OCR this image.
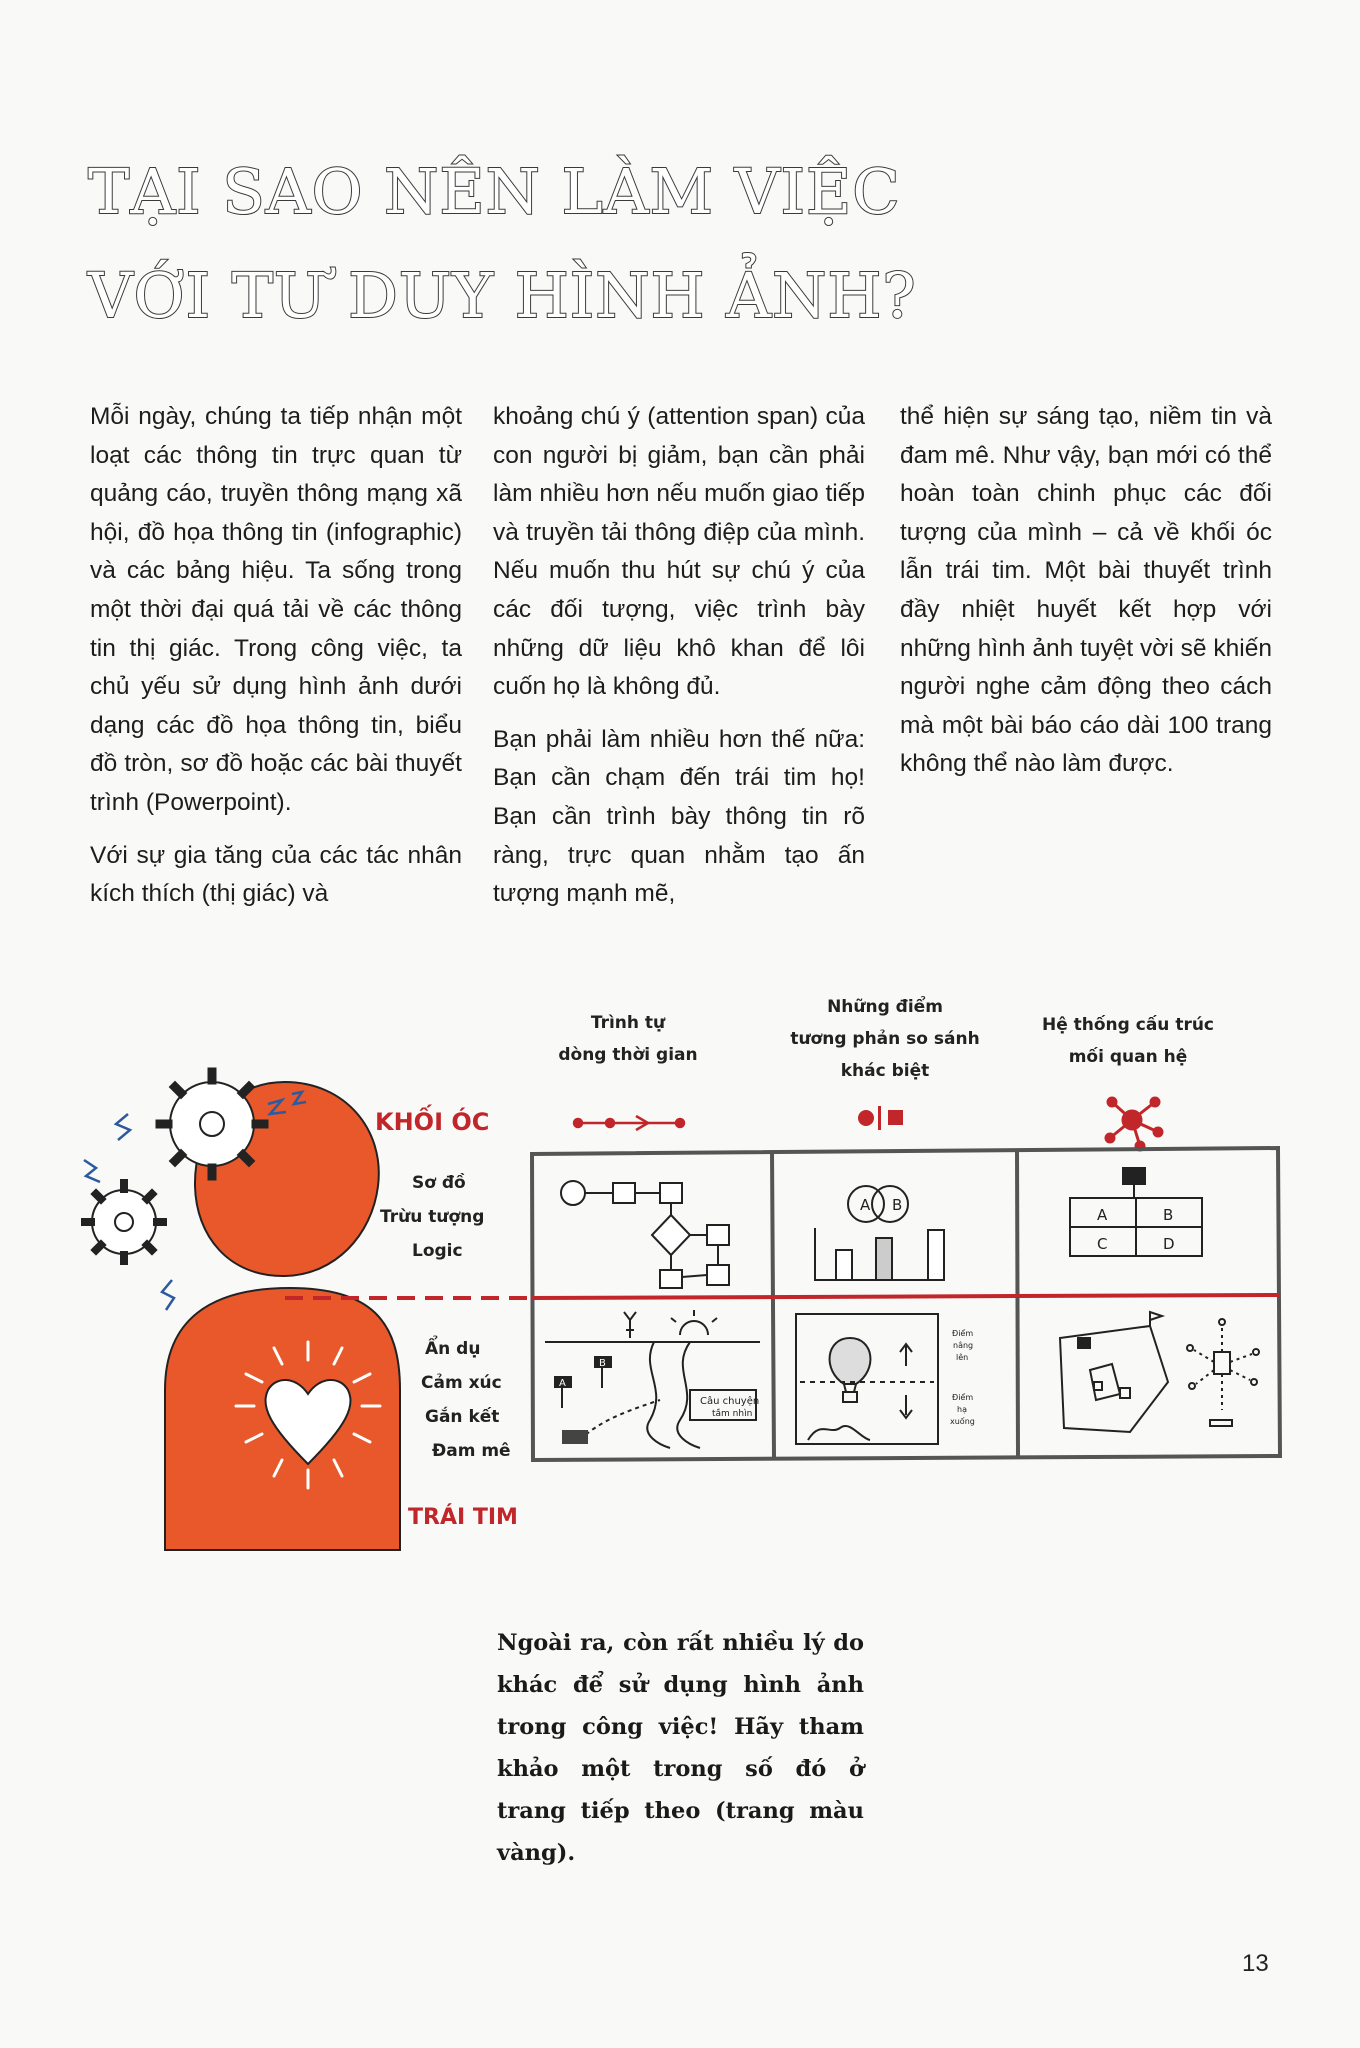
TẠI SAO NÊN LÀM VIỆC
VỚI TƯ DUY HÌNH ẢNH?

Mỗi ngày, chúng ta tiếp nhận một loạt các thông tin trực quan từ quảng cáo, truyền thông mạng xã hội, đồ họa thông tin (infographic) và các bảng hiệu. Ta sống trong một thời đại quá tải về các thông tin thị giác. Trong công việc, ta chủ yếu sử dụng hình ảnh dưới dạng các đồ họa thông tin, biểu đồ tròn, sơ đồ hoặc các bài thuyết trình (Powerpoint).

Với sự gia tăng của các tác nhân kích thích (thị giác) và

khoảng chú ý (attention span) của con người bị giảm, bạn cần phải làm nhiều hơn nếu muốn giao tiếp và truyền tải thông điệp của mình. Nếu muốn thu hút sự chú ý của các đối tượng, việc trình bày những dữ liệu khô khan để lôi cuốn họ là không đủ.

Bạn phải làm nhiều hơn thế nữa: Bạn cần chạm đến trái tim họ! Bạn cần trình bày thông tin rõ ràng, trực quan nhằm tạo ấn tượng mạnh mẽ,

thể hiện sự sáng tạo, niềm tin và đam mê. Như vậy, bạn mới có thể hoàn toàn chinh phục các đối tượng của mình – cả về khối óc lẫn trái tim. Một bài thuyết trình đầy nhiệt huyết kết hợp với những hình ảnh tuyệt vời sẽ khiến người nghe cảm động theo cách mà một bài báo cáo dài 100 trang không thể nào làm được.

KHỐI ÓC
TRÁI TIM
Sơ đồ
Trừu tượng
Logic
Ẩn dụ
Cảm xúc
Gắn kết
Đam mê
Trình tự
dòng thời gian
Những điểm
tương phản so sánh
khác biệt
Hệ thống cấu trúc
mối quan hệ
A B
A	B
C	D
A
B
Câu chuyện
tầm nhìn
Điểm
nâng
lên
Điểm
hạ
xuống

Ngoài ra, còn rất nhiều lý do khác để sử dụng hình ảnh trong công việc! Hãy tham khảo một trong số đó ở trang tiếp theo (trang màu vàng).

13
